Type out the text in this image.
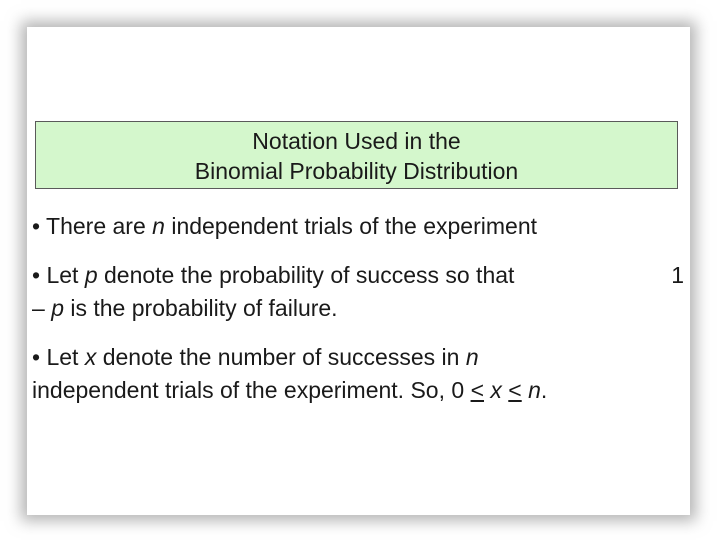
Notation Used in the
Binomial Probability Distribution
• There are n independent trials of the experiment
• Let p denote the probability of success so that	1
– p is the probability of failure.
• Let x denote the number of successes in n
independent trials of the experiment. So, 0 ≤ x ≤ n.
